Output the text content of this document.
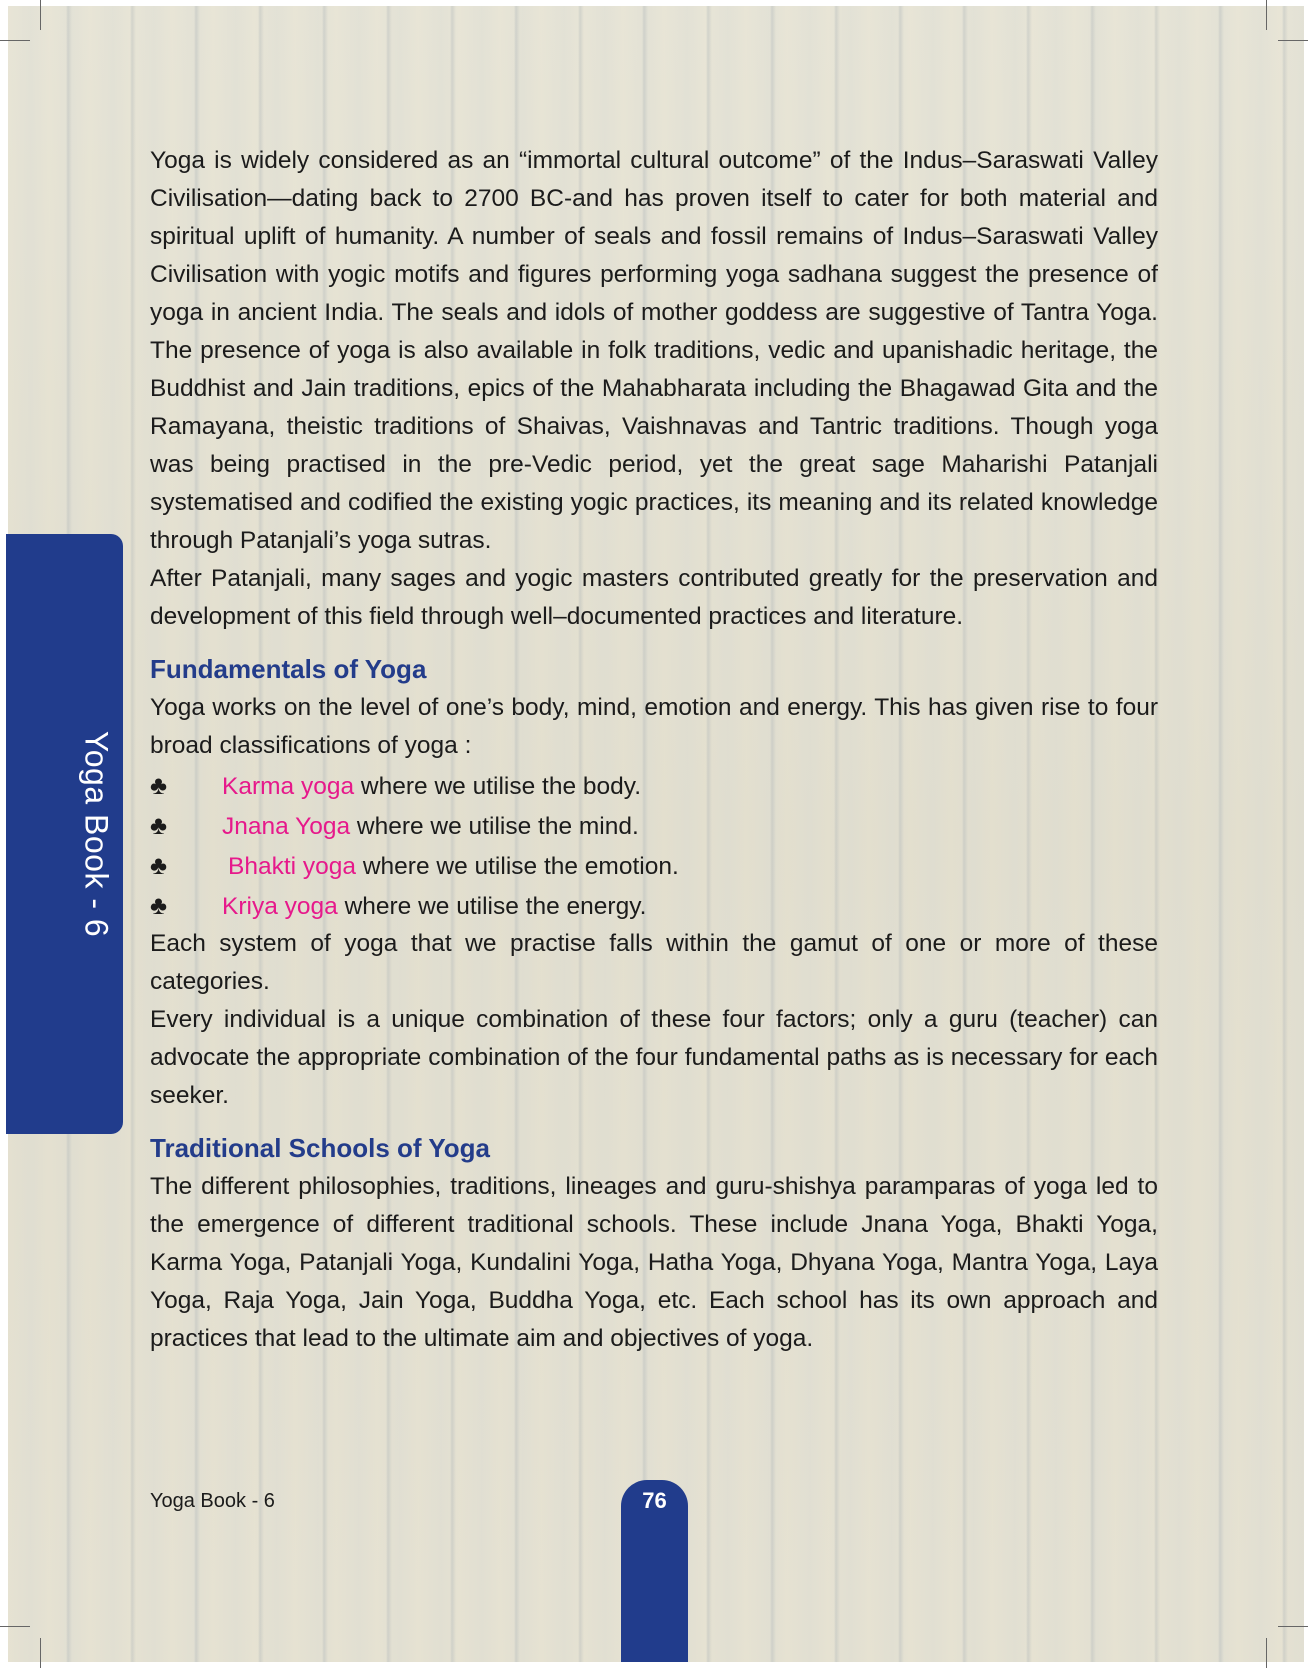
Yoga Book - 6

Yoga is widely considered as an “immortal cultural outcome” of the Indus–Saraswati Valley Civilisation—dating back to 2700 BC-and has proven itself to cater for both material and spiritual uplift of humanity. A number of seals and fossil remains of Indus–Saraswati Valley Civilisation with yogic motifs and figures performing yoga sadhana suggest the presence of yoga in ancient India. The seals and idols of mother goddess are suggestive of Tantra Yoga. The presence of yoga is also available in folk traditions, vedic and upanishadic heritage, the Buddhist and Jain traditions, epics of the Mahabharata including the Bhagawad Gita and the Ramayana, theistic traditions of Shaivas, Vaishnavas and Tantric traditions. Though yoga was being practised in the pre-Vedic period, yet the great sage Maharishi Patanjali systematised and codified the existing yogic practices, its meaning and its related knowledge through Patanjali’s yoga sutras.

After Patanjali, many sages and yogic masters contributed greatly for the preservation and development of this field through well–documented practices and literature.

Fundamentals of Yoga

Yoga works on the level of one’s body, mind, emotion and energy. This has given rise to four broad classifications of yoga :

♣	Karma yoga where we utilise the body.
♣	Jnana Yoga where we utilise the mind.
♣	Bhakti yoga where we utilise the emotion.
♣	Kriya yoga where we utilise the energy.

Each system of yoga that we practise falls within the gamut of one or more of these categories.

Every individual is a unique combination of these four factors; only a guru (teacher) can advocate the appropriate combination of the four fundamental paths as is necessary for each seeker.

Traditional Schools of Yoga

The different philosophies, traditions, lineages and guru-shishya paramparas of yoga led to the emergence of different traditional schools. These include Jnana Yoga, Bhakti Yoga, Karma Yoga, Patanjali Yoga, Kundalini Yoga, Hatha Yoga, Dhyana Yoga, Mantra Yoga, Laya Yoga, Raja Yoga, Jain Yoga, Buddha Yoga, etc. Each school has its own approach and practices that lead to the ultimate aim and objectives of yoga.

Yoga Book - 6	76
